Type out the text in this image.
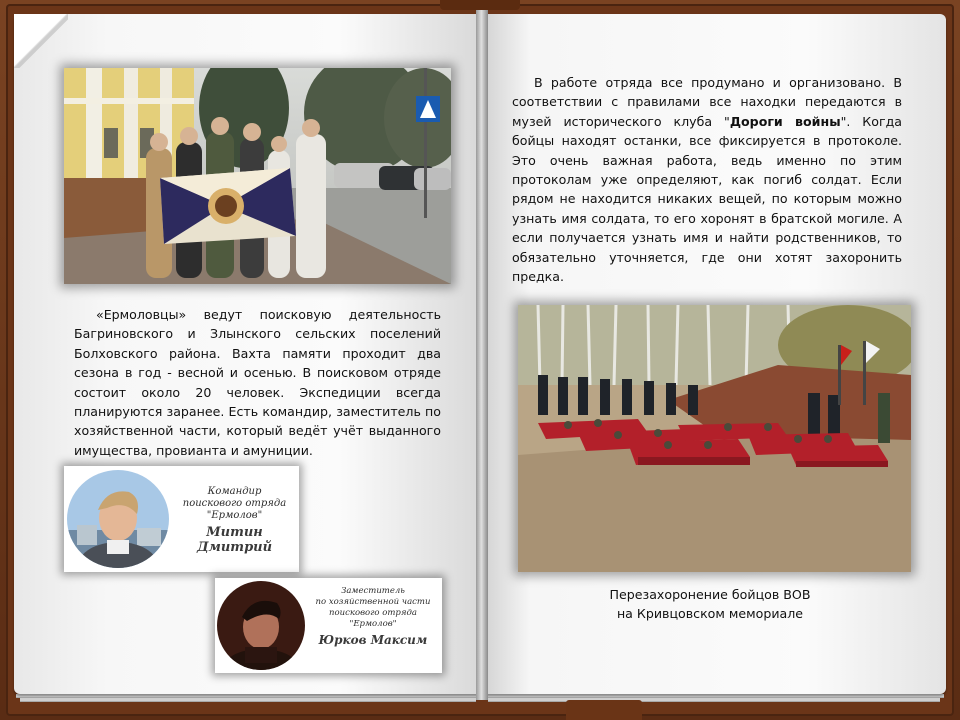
«Ермоловцы» ведут поисковую деятельность Багриновского и Злынского сельских поселений Болховского района. Вахта памяти проходит два сезона в год - весной и осенью. В поисковом отряде состоит около 20 человек. Экспедиции всегда планируются заранее. Есть командир, заместитель по хозяйственной части, который ведёт учёт выданного имущества, провианта и амуниции.
Командир
поискового отряда
"Ермолов"
Митин Дмитрий
Заместитель
по хозяйственной части
поискового отряда
"Ермолов"
Юрков Максим
В работе отряда все продумано и организовано. В соответствии с правилами все находки передаются в музей исторического клуба "Дороги войны". Когда бойцы находят останки, все фиксируется в протоколе. Это очень важная работа, ведь именно по этим протоколам уже определяют, как погиб солдат. Если рядом не находится никаких вещей, по которым можно узнать имя солдата, то его хоронят в братской могиле. А если получается узнать имя и найти родственников, то обязательно уточняется, где они хотят захоронить предка.
Перезахоронение бойцов ВОВ
на Кривцовском мемориале
